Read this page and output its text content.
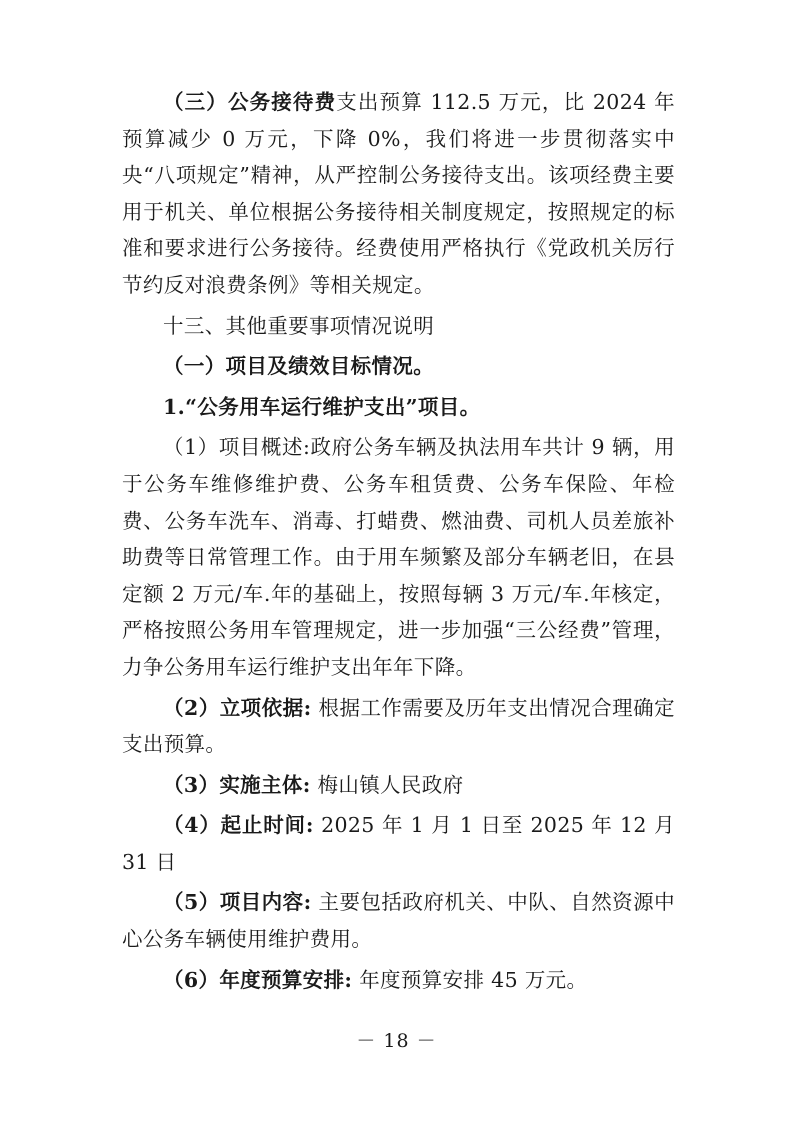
（三）公务接待费支出预算 112.5 万元，比 2024 年预算减少 0 万元，下降 0%，我们将进一步贯彻落实中央“八项规定”精神，从严控制公务接待支出。该项经费主要用于机关、单位根据公务接待相关制度规定，按照规定的标准和要求进行公务接待。经费使用严格执行《党政机关厉行节约反对浪费条例》等相关规定。

十三、其他重要事项情况说明

（一）项目及绩效目标情况。

1.“公务用车运行维护支出”项目。

（1）项目概述:政府公务车辆及执法用车共计 9 辆，用于公务车维修维护费、公务车租赁费、公务车保险、年检费、公务车洗车、消毒、打蜡费、燃油费、司机人员差旅补助费等日常管理工作。由于用车频繁及部分车辆老旧，在县定额 2 万元/车.年的基础上，按照每辆 3 万元/车.年核定，严格按照公务用车管理规定，进一步加强“三公经费”管理，力争公务用车运行维护支出年年下降。

（2）立项依据: 根据工作需要及历年支出情况合理确定支出预算。

（3）实施主体: 梅山镇人民政府

（4）起止时间: 2025 年 1 月 1 日至 2025 年 12 月 31 日

（5）项目内容: 主要包括政府机关、中队、自然资源中心公务车辆使用维护费用。

（6）年度预算安排: 年度预算安排 45 万元。

－ 18 －
